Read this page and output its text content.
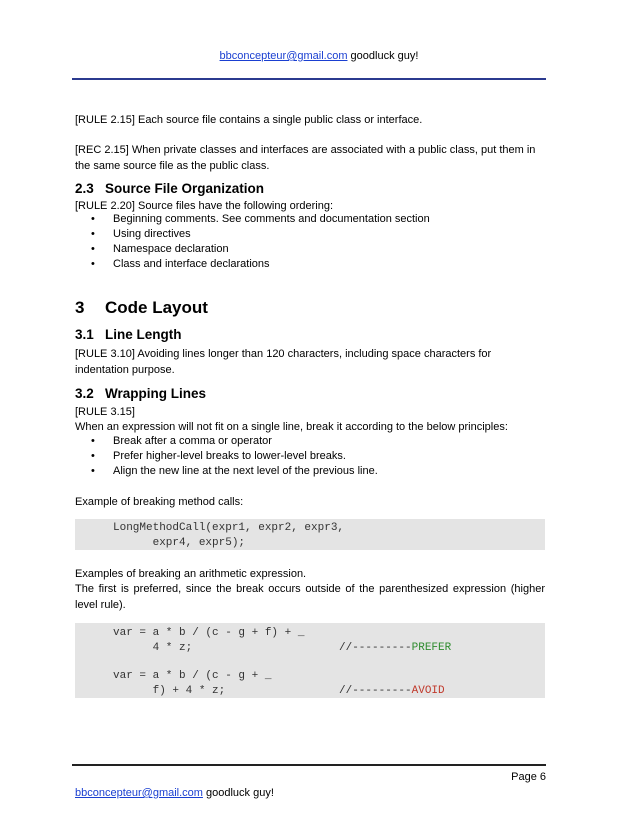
bbconcepteur@gmail.com goodluck guy!
[RULE 2.15] Each source file contains a single public class or interface.
[REC 2.15] When private classes and interfaces are associated with a public class, put them in the same source file as the public class.
2.3 Source File Organization
[RULE 2.20] Source files have the following ordering:
• Beginning comments. See comments and documentation section
• Using directives
• Namespace declaration
• Class and interface declarations
3 Code Layout
3.1 Line Length
[RULE 3.10] Avoiding lines longer than 120 characters, including space characters for indentation purpose.
3.2 Wrapping Lines
[RULE 3.15]
When an expression will not fit on a single line, break it according to the below principles:
• Break after a comma or operator
• Prefer higher-level breaks to lower-level breaks.
• Align the new line at the next level of the previous line.
Example of breaking method calls:
LongMethodCall(expr1, expr2, expr3,
expr4, expr5);
Examples of breaking an arithmetic expression.
The first is preferred, since the break occurs outside of the parenthesized expression (higher level rule).
var = a * b / (c - g + f) + _
4 * z;	//---------PREFER
var = a * b / (c - g + _
f) + 4 * z;	//---------AVOID
Page 6
bbconcepteur@gmail.com goodluck guy!
